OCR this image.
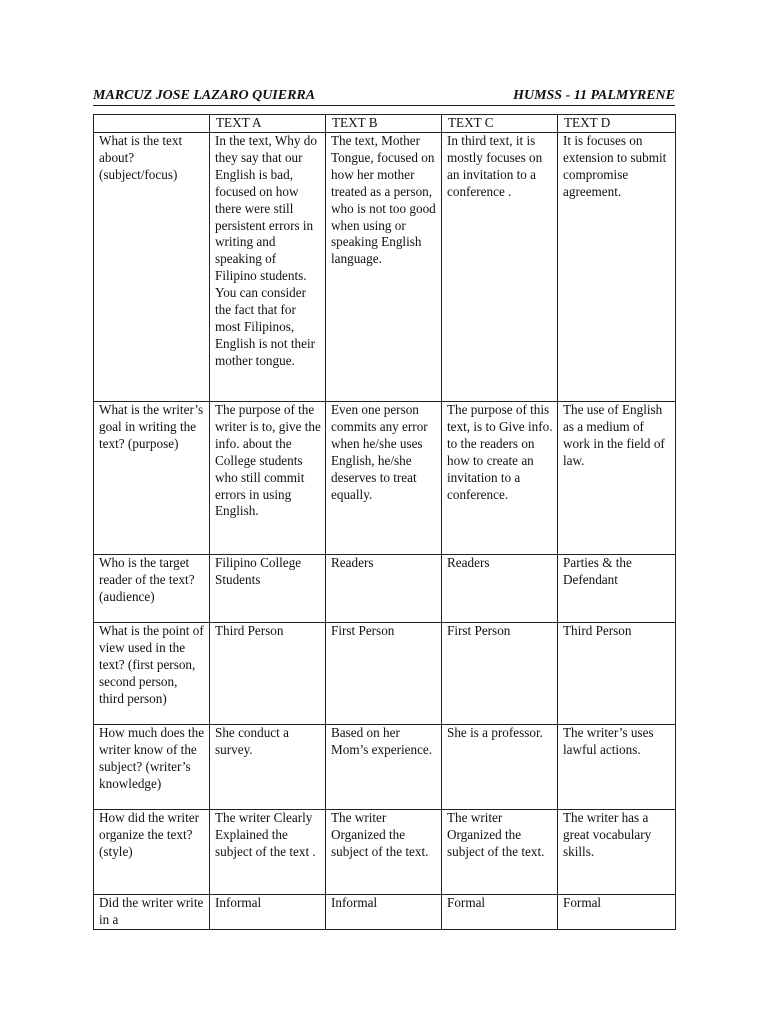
MARCUZ JOSE LAZARO QUIERRA	HUMSS - 11 PALMYRENE
	TEXT A	TEXT B	TEXT C	TEXT D
What is the text about? (subject/focus)	In the text, Why do they say that our English is bad, focused on how there were still persistent errors in writing and speaking of Filipino students. You can consider the fact that for most Filipinos, English is not their mother tongue.	The text, Mother Tongue, focused on how her mother treated as a person, who is not too good when using or speaking English language.	In third text, it is mostly focuses on an invitation to a conference .	It is focuses on extension to submit compromise agreement.
What is the writer’s goal in writing the text? (purpose)	The purpose of the writer is to, give the info. about the College students who still commit errors in using English.	Even one person commits any error when he/she uses English, he/she deserves to treat equally.	The purpose of this text, is to Give info. to the readers on how to create an invitation to a conference.	The use of English as a medium of work in the field of law.
Who is the target reader of the text? (audience)	Filipino College Students	Readers	Readers	Parties & the Defendant
What is the point of view used in the text? (first person, second person, third person)	Third Person	First Person	First Person	Third Person
How much does the writer know of the subject? (writer’s knowledge)	She conduct a survey.	Based on her Mom’s experience.	She is a professor.	The writer’s uses lawful actions.
How did the writer organize the text? (style)	The writer Clearly Explained the subject of the text .	The writer Organized the subject of the text.	The writer Organized the subject of the text.	The writer has a great vocabulary skills.
Did the writer write in a	Informal	Informal	Formal	Formal
